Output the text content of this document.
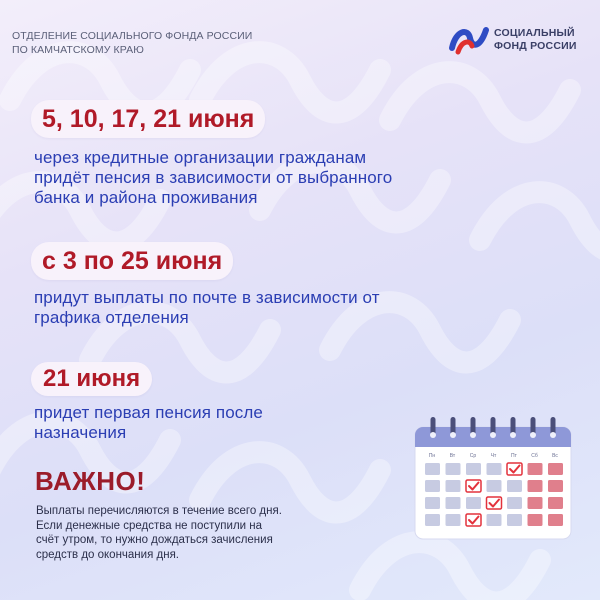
ОТДЕЛЕНИЕ СОЦИАЛЬНОГО ФОНДА РОССИИ
ПО КАМЧАТСКОМУ КРАЮ
СОЦИАЛЬНЫЙ
ФОНД РОССИИ
5, 10, 17, 21 июня
через кредитные организации гражданам
придёт пенсия в зависимости от выбранного
банка и района проживания
с 3 по 25 июня
придут выплаты по почте в зависимости от
графика отделения
21 июня
придет первая пенсия после
назначения
ВАЖНО!
Выплаты перечисляются в течение всего дня.
Если денежные средства не поступили на
счёт утром, то нужно дождаться зачисления
средств до окончания дня.
Пн	Вт	Ср	Чт	Пт	Сб	Вс
